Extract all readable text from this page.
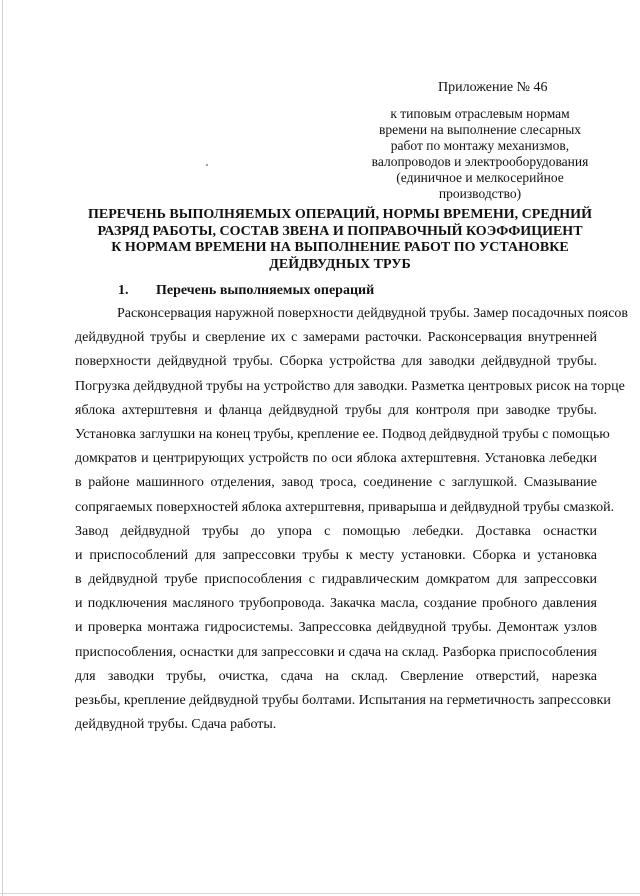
Приложение № 46
к типовым отраслевым нормам
времени на выполнение слесарных
работ по монтажу механизмов,
валопроводов и электрооборудования
(единичное и мелкосерийное
производство)
ПЕРЕЧЕНЬ ВЫПОЛНЯЕМЫХ ОПЕРАЦИЙ, НОРМЫ ВРЕМЕНИ, СРЕДНИЙ
РАЗРЯД РАБОТЫ, СОСТАВ ЗВЕНА И ПОПРАВОЧНЫЙ КОЭФФИЦИЕНТ
К НОРМАМ ВРЕМЕНИ НА ВЫПОЛНЕНИЕ РАБОТ ПО УСТАНОВКЕ
ДЕЙДВУДНЫХ ТРУБ
1. Перечень выполняемых операций
Расконсервация наружной поверхности дейдвудной трубы. Замер посадочных поясов
дейдвудной трубы и сверление их с замерами расточки. Расконсервация внутренней
поверхности дейдвудной трубы. Сборка устройства для заводки дейдвудной трубы.
Погрузка дейдвудной трубы на устройство для заводки. Разметка центровых рисок на торце
яблока ахтерштевня и фланца дейдвудной трубы для контроля при заводке трубы.
Установка заглушки на конец трубы, крепление ее. Подвод дейдвудной трубы с помощью
домкратов и центрирующих устройств по оси яблока ахтерштевня. Установка лебедки
в районе машинного отделения, завод троса, соединение с заглушкой. Смазывание
сопрягаемых поверхностей яблока ахтерштевня, приварыша и дейдвудной трубы смазкой.
Завод дейдвудной трубы до упора с помощью лебедки. Доставка оснастки
и приспособлений для запрессовки трубы к месту установки. Сборка и установка
в дейдвудной трубе приспособления с гидравлическим домкратом для запрессовки
и подключения масляного трубопровода. Закачка масла, создание пробного давления
и проверка монтажа гидросистемы. Запрессовка дейдвудной трубы. Демонтаж узлов
приспособления, оснастки для запрессовки и сдача на склад. Разборка приспособления
для заводки трубы, очистка, сдача на склад. Сверление отверстий, нарезка
резьбы, крепление дейдвудной трубы болтами. Испытания на герметичность запрессовки
дейдвудной трубы. Сдача работы.
